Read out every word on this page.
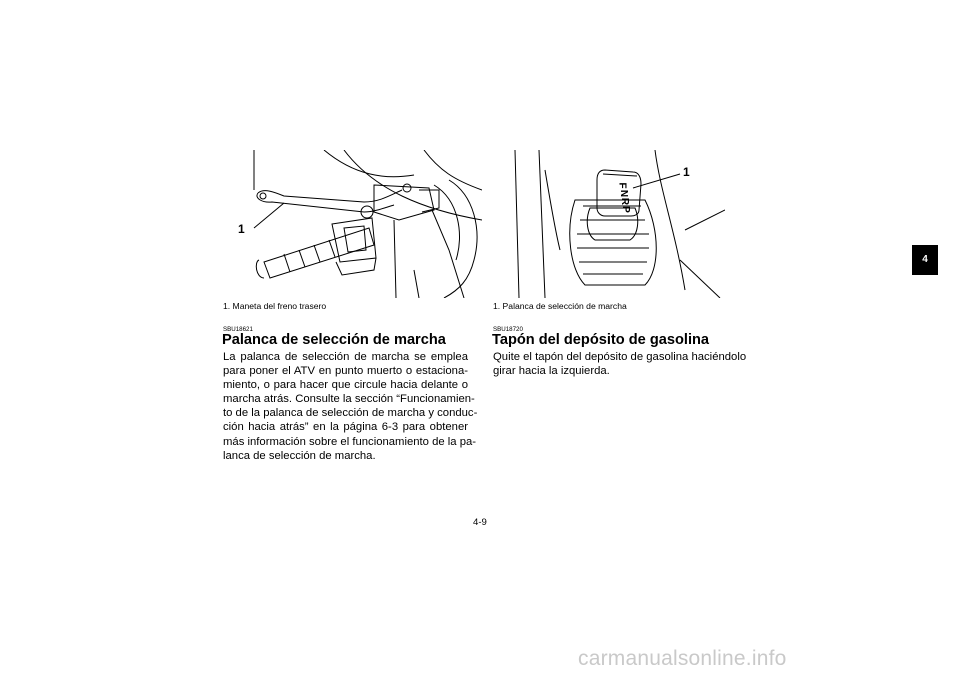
1
F
N
R
P
1
1. Maneta del freno trasero	1. Palanca de selección de marcha
SBU18621
Palanca de selección de marcha
La palanca de selección de marcha se emplea
para poner el ATV en punto muerto o estaciona-
miento, o para hacer que circule hacia delante o
marcha atrás. Consulte la sección “Funcionamien-
to de la palanca de selección de marcha y conduc-
ción hacia atrás” en la página 6-3 para obtener
más información sobre el funcionamiento de la pa-
lanca de selección de marcha.
SBU18720
Tapón del depósito de gasolina
Quite el tapón del depósito de gasolina haciéndolo
girar hacia la izquierda.
4
4-9
carmanualsonline.info
